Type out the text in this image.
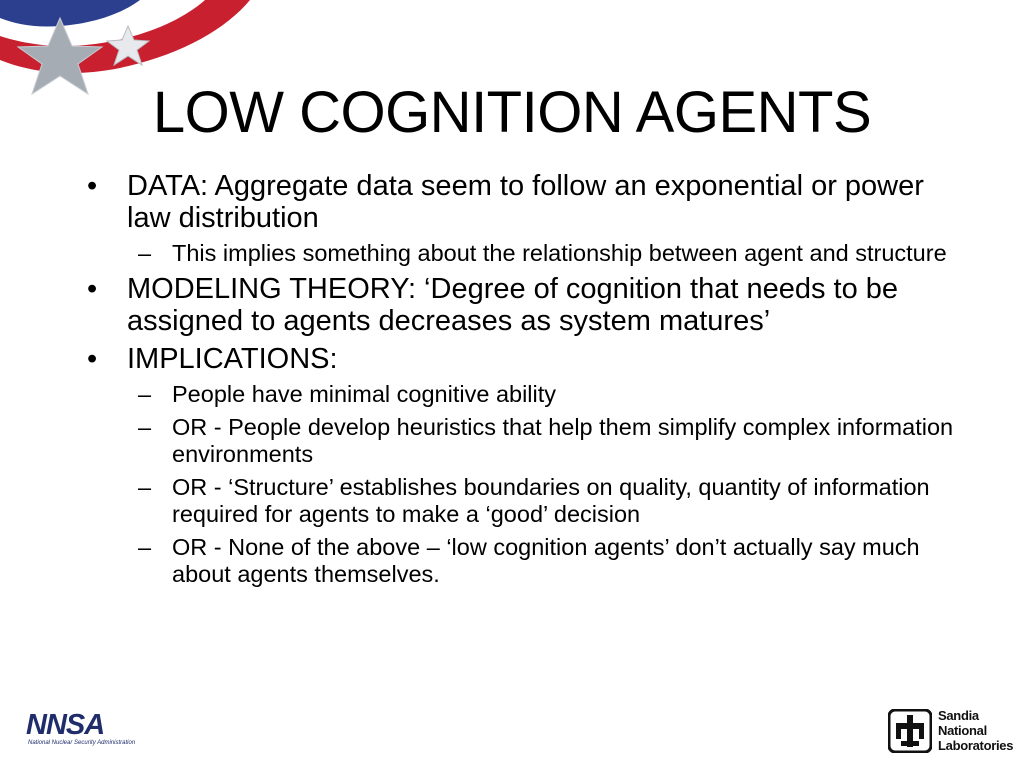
LOW COGNITION AGENTS
• DATA: Aggregate data seem to follow an exponential or power law distribution
– This implies something about the relationship between agent and structure
• MODELING THEORY: ‘Degree of cognition that needs to be assigned to agents decreases as system matures’
• IMPLICATIONS:
– People have minimal cognitive ability
– OR - People develop heuristics that help them simplify complex information environments
– OR - ‘Structure’ establishes boundaries on quality, quantity of information required for agents to make a ‘good’ decision
– OR - None of the above – ‘low cognition agents’ don’t actually say much about agents themselves.
NNSA
National Nuclear Security Administration
Sandia
National
Laboratories
